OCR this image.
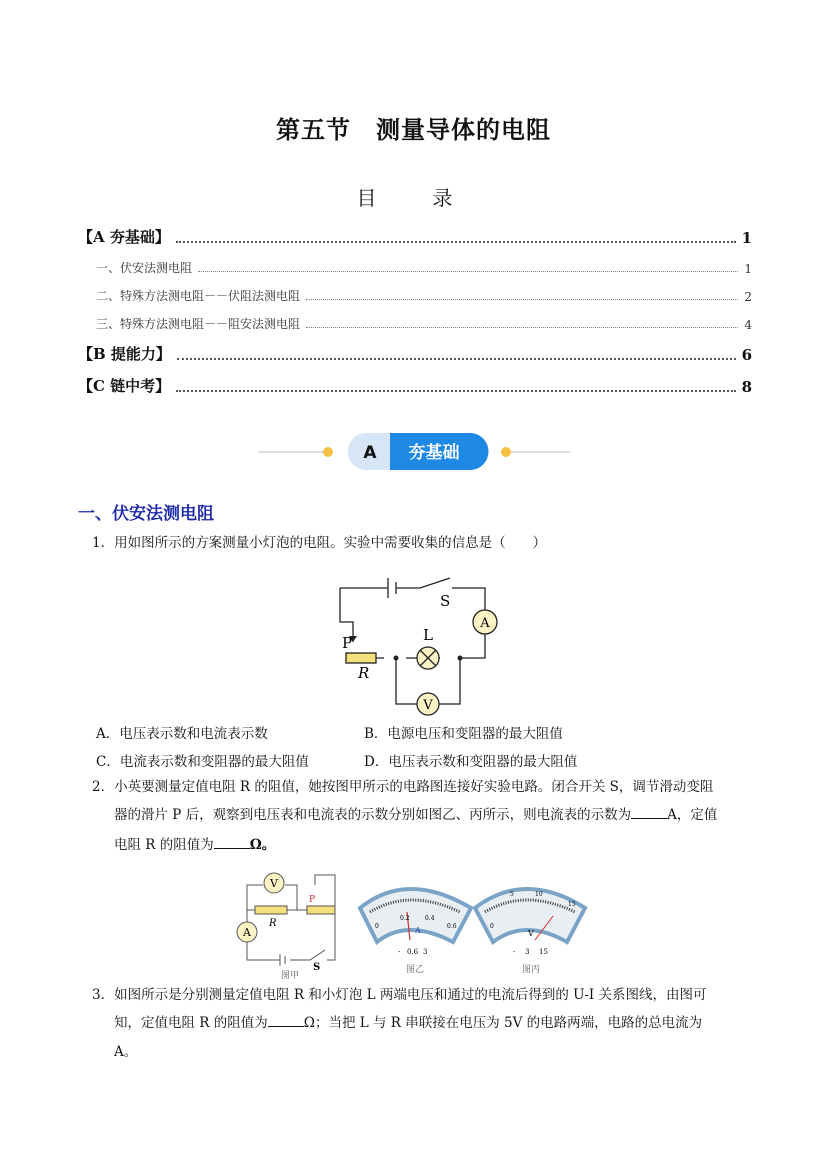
第五节　测量导体的电阻
目　录
【A 夯基础】	1
一、伏安法测电阻	1
二、特殊方法测电阻－－伏阻法测电阻	2
三、特殊方法测电阻－－阻安法测电阻	4
【B 提能力】	6
【C 链中考】	8
A 夯基础
一、伏安法测电阻
1．用如图所示的方案测量小灯泡的电阻。实验中需要收集的信息是（　　）
S
A
P	L
R
V
A．电压表示数和电流表示数	B．电源电压和变阻器的最大阻值
C．电流表示数和变阻器的最大阻值	D．电压表示数和变阻器的最大阻值
2．小英要测量定值电阻 R 的阻值，她按图甲所示的电路图连接好实验电路。闭合开关 S，调节滑动变阻
器的滑片 P 后，观察到电压表和电流表的示数分别如图乙、丙所示，则电流表的示数为	A，定值
电阻 R 的阻值为	Ω。
V
A
R
P
S
图甲
0
0.2	0.4
0.6
A
- 0.6 3
图乙
0
5	10
15
V
- 3 15
图丙
3．如图所示是分别测量定值电阻 R 和小灯泡 L 两端电压和通过的电流后得到的 U-I 关系图线，由图可
知，定值电阻 R 的阻值为	Ω；当把 L 与 R 串联接在电压为 5V 的电路两端，电路的总电流为
A。
